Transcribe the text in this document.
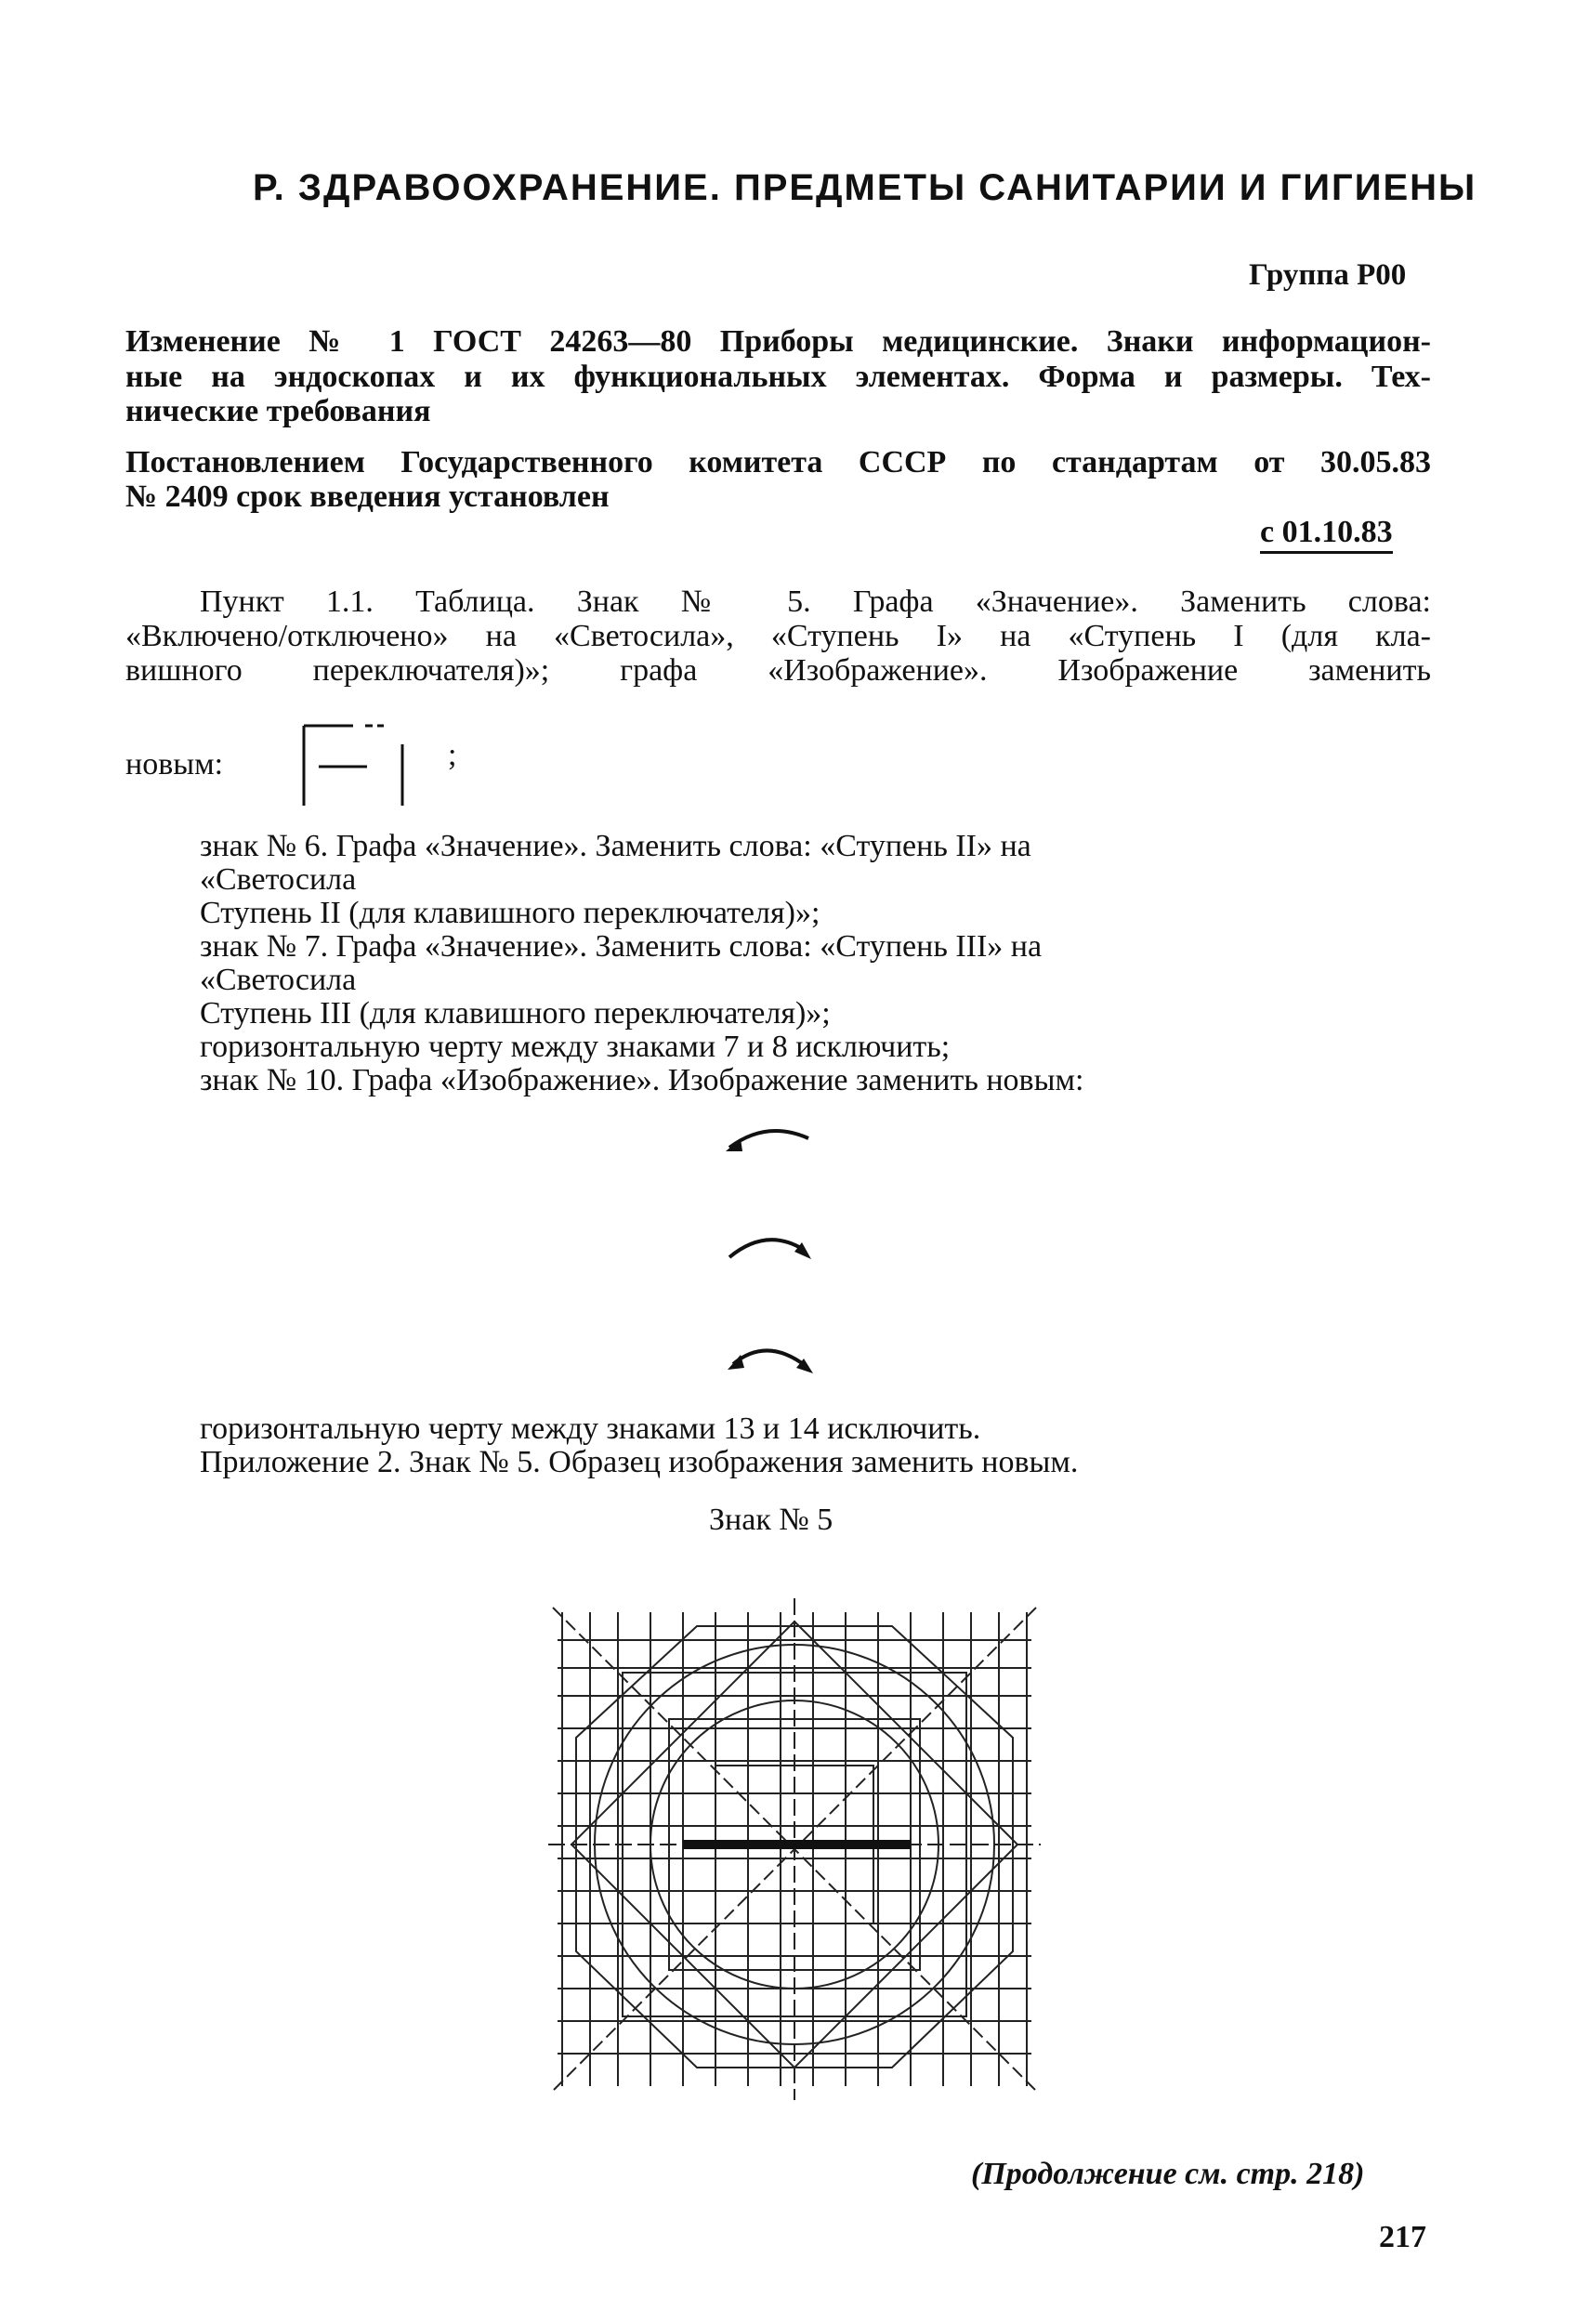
Р. ЗДРАВООХРАНЕНИЕ. ПРЕДМЕТЫ САНИТАРИИ И ГИГИЕНЫ
Группа Р00
Изменение № 1 ГОСТ 24263—80 Приборы медицинские. Знаки информацион-
ные на эндоскопах и их функциональных элементах. Форма и размеры. Тех-
нические требования
Постановлением Государственного комитета СССР по стандартам от 30.05.83
№ 2409 срок введения установлен
с 01.10.83
Пункт 1.1. Таблица. Знак № 5. Графа «Значение». Заменить слова:
«Включено/отключено» на «Светосила», «Ступень I» на «Ступень I (для кла-
вишного переключателя)»; графа «Изображение». Изображение заменить
новым:	;
знак № 6. Графа «Значение». Заменить слова: «Ступень II» на
«Светосила
Ступень II (для клавишного переключателя)»;
знак № 7. Графа «Значение». Заменить слова: «Ступень III» на
«Светосила
Ступень III (для клавишного переключателя)»;
горизонтальную черту между знаками 7 и 8 исключить;
знак № 10. Графа «Изображение». Изображение заменить новым:
горизонтальную черту между знаками 13 и 14 исключить.
Приложение 2. Знак № 5. Образец изображения заменить новым.
Знак № 5
(Продолжение см. стр. 218)
217
